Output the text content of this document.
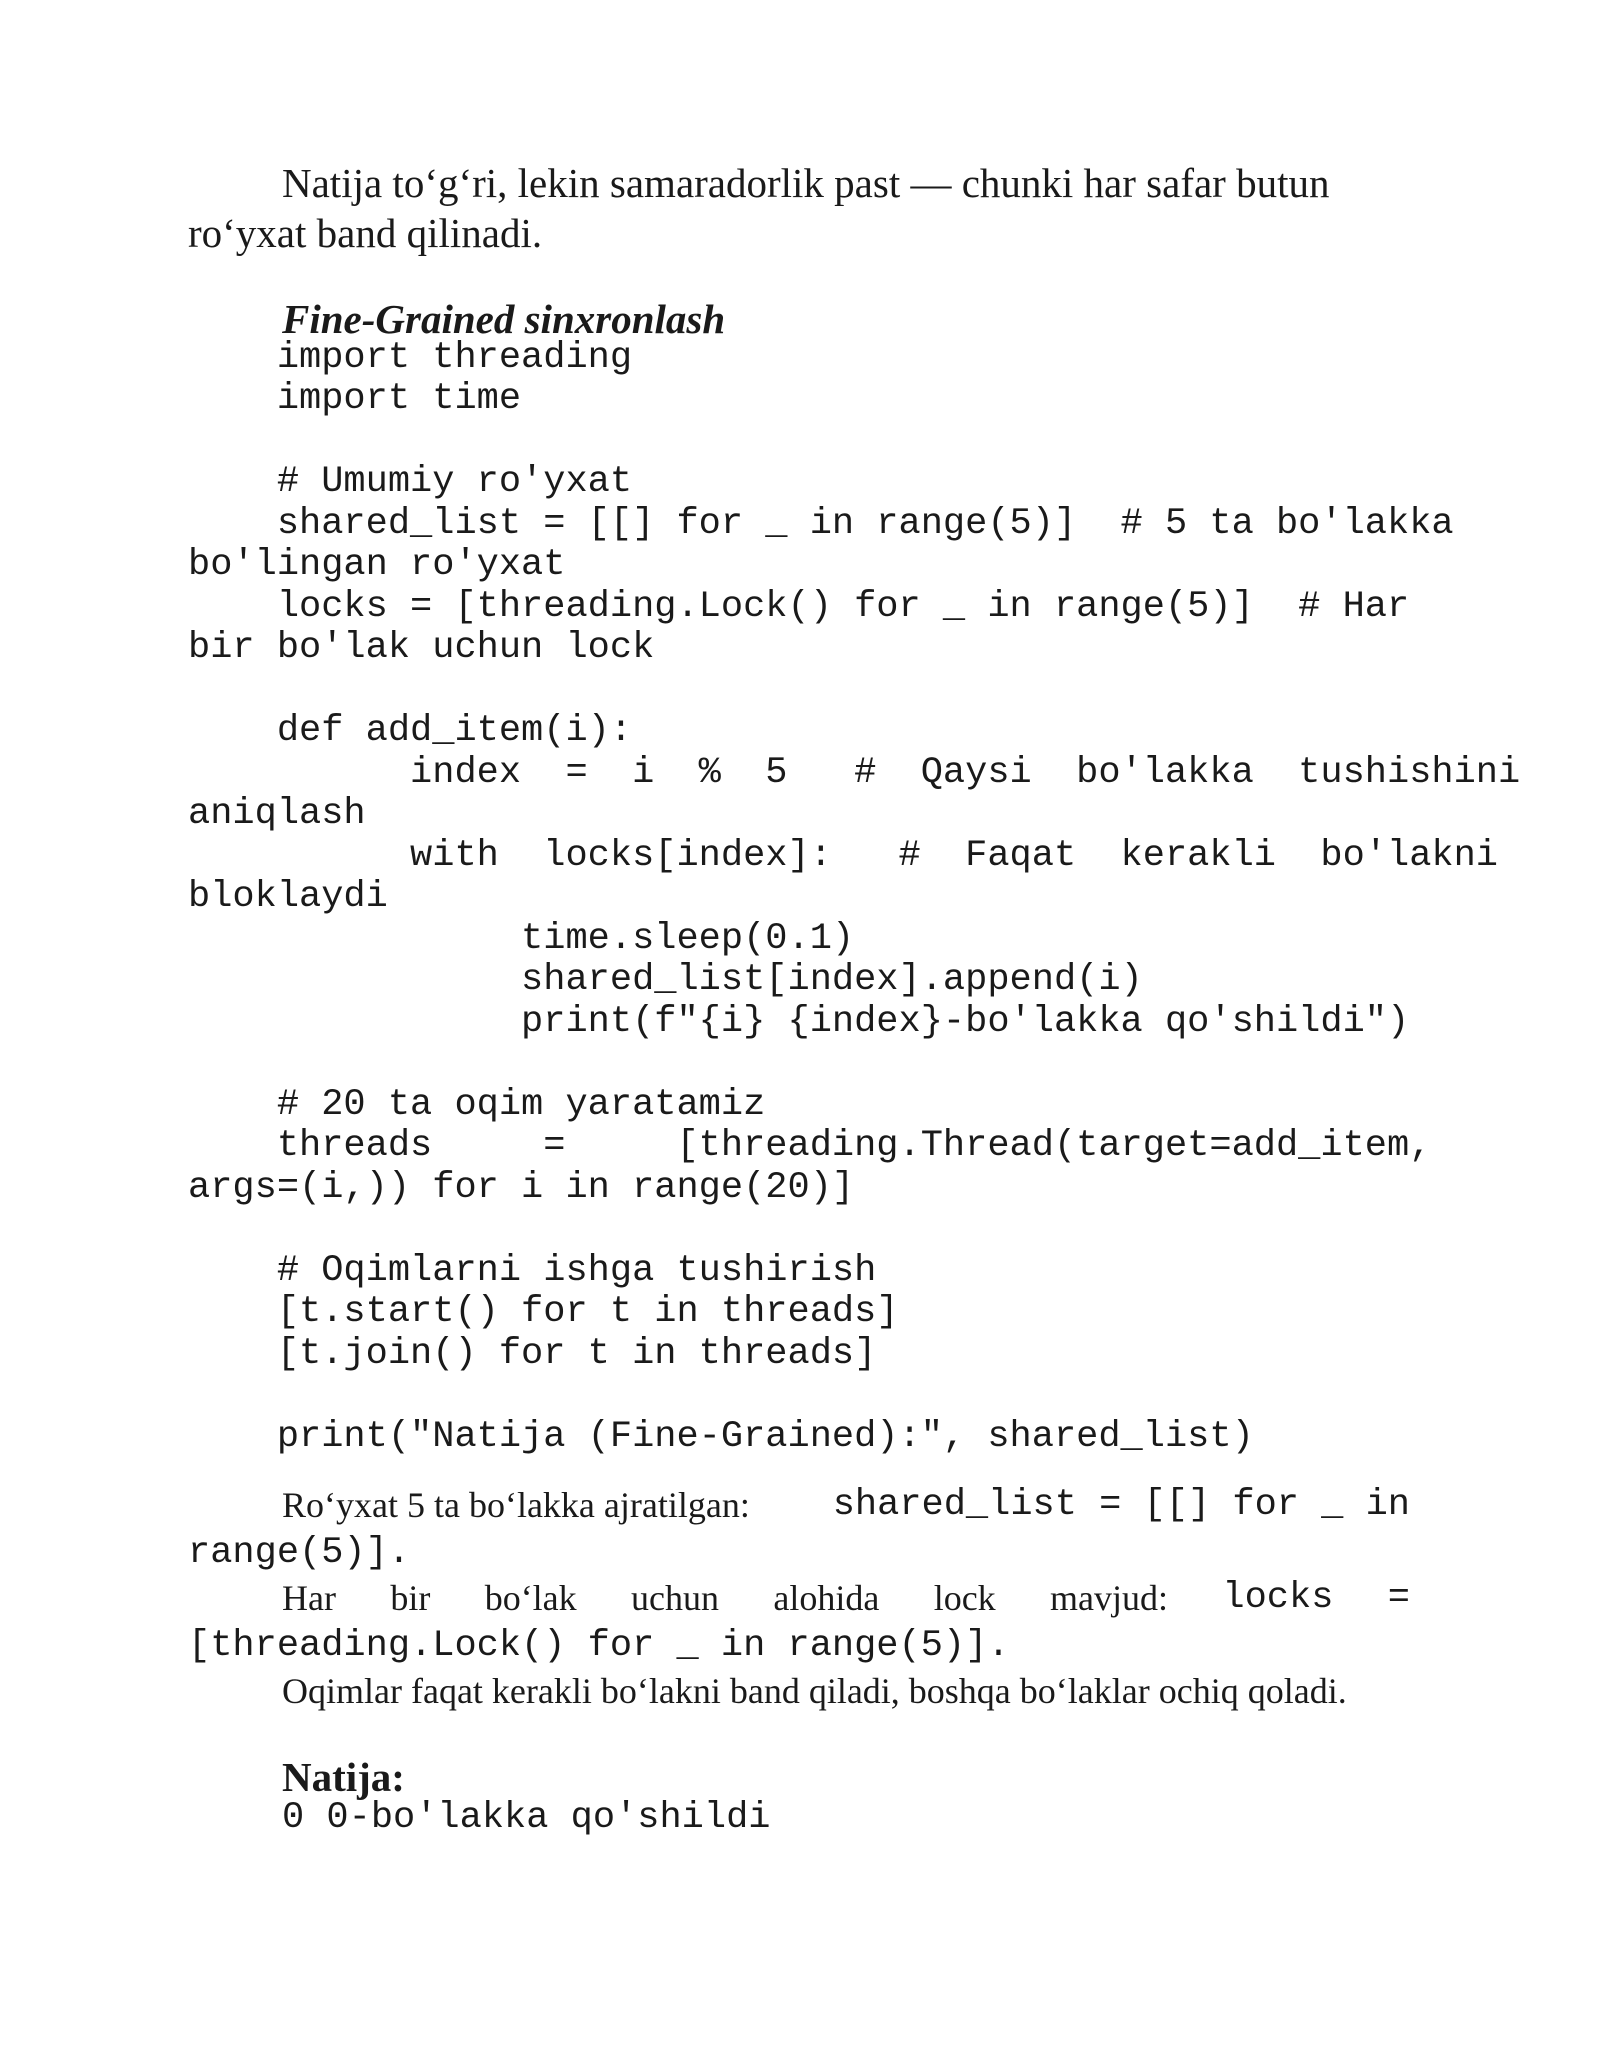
Natija to‘g‘ri, lekin samaradorlik past — chunki har safar butun

ro‘yxat band qilinadi.

Fine-Grained sinxronlash

import threading
import time

# Umumiy ro'yxat
shared_list = [[] for _ in range(5)]  # 5 ta bo'lakka
bo'lingan ro'yxat
locks = [threading.Lock() for _ in range(5)]  # Har
bir bo'lak uchun lock

def add_item(i):
index  =  i  %  5   #  Qaysi  bo'lakka  tushishini
aniqlash
with  locks[index]:   #  Faqat  kerakli  bo'lakni
bloklaydi
time.sleep(0.1)
shared_list[index].append(i)
print(f"{i} {index}-bo'lakka qo'shildi")

# 20 ta oqim yaratamiz
threads     =     [threading.Thread(target=add_item,
args=(i,)) for i in range(20)]

# Oqimlarni ishga tushirish
[t.start() for t in threads]
[t.join() for t in threads]

print("Natija (Fine-Grained):", shared_list)
Ro‘yxat 5 ta bo‘lakka ajratilgan: shared_list = [[] for _ in
range(5)].
Har bir bo‘lak uchun alohida lock mavjud: locks =
[threading.Lock() for _ in range(5)].
Oqimlar faqat kerakli bo‘lakni band qiladi, boshqa bo‘laklar ochiq qoladi.

Natija:

0 0-bo'lakka qo'shildi
